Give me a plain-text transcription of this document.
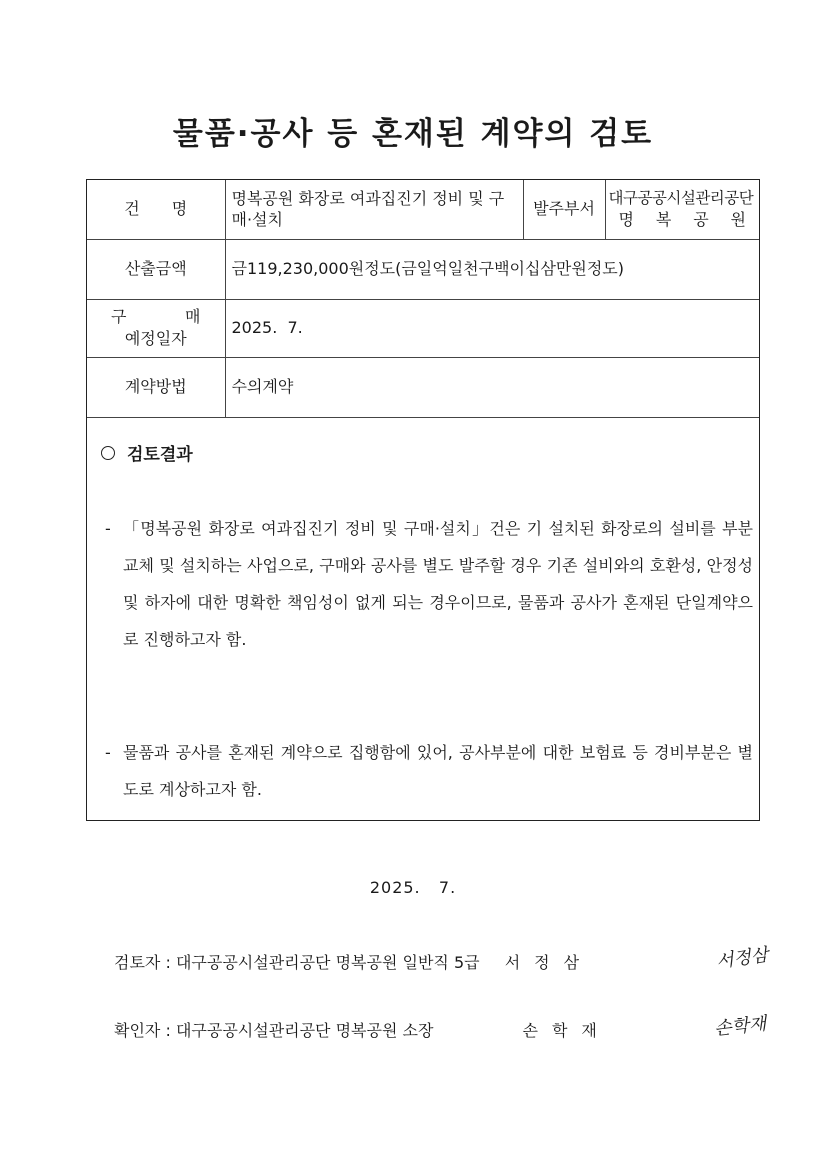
물품·공사 등 혼재된 계약의 검토
건　　명	명복공원 화장로 여과집진기 정비 및 구매·설치	발주부서	대구공공시설관리공단
명 복 공 원

산출금액	금119,230,000원정도(금일억일천구백이십삼만원정도)		

구 매
예정일자	2025.  7.		
계약방법	수의계약		
검토결과
- 「명복공원 화장로 여과집진기 정비 및 구매·설치」건은 기 설치된 화장로의 설비를 부분 교체 및 설치하는 사업으로, 구매와 공사를 별도 발주할 경우 기존 설비와의 호환성, 안정성 및 하자에 대한 명확한 책임성이 없게 되는 경우이므로, 물품과 공사가 혼재된 단일계약으로 진행하고자 함.
- 물품과 공사를 혼재된 계약으로 집행함에 있어, 공사부분에 대한 보험료 등 경비부분은 별도로 계상하고자 함.
2025.   7.
검토자 : 대구공공시설관리공단 명복공원 일반직 5급 서정삼	서정삼
확인자 : 대구공공시설관리공단 명복공원 소장	손학재	손학재
